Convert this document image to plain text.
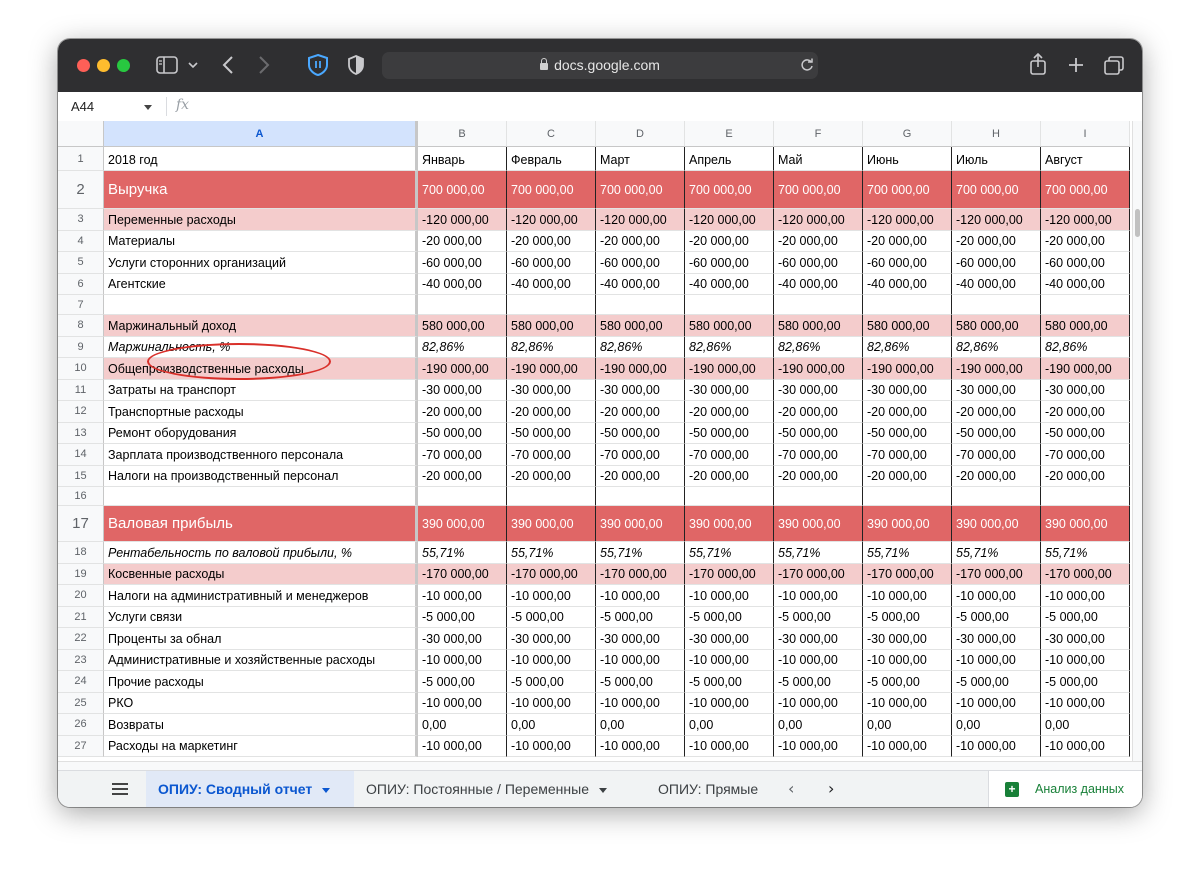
docs.google.com
A44	fx
A	B	C	D	E	F	G	H	I
1	2018 год	Январь	Февраль	Март	Апрель	Май	Июнь	Июль	Август
2	Выручка	700 000,00	700 000,00	700 000,00	700 000,00	700 000,00	700 000,00	700 000,00	700 000,00
3	Переменные расходы	-120 000,00	-120 000,00	-120 000,00	-120 000,00	-120 000,00	-120 000,00	-120 000,00	-120 000,00
4	Материалы	-20 000,00	-20 000,00	-20 000,00	-20 000,00	-20 000,00	-20 000,00	-20 000,00	-20 000,00
5	Услуги сторонних организаций	-60 000,00	-60 000,00	-60 000,00	-60 000,00	-60 000,00	-60 000,00	-60 000,00	-60 000,00
6	Агентские	-40 000,00	-40 000,00	-40 000,00	-40 000,00	-40 000,00	-40 000,00	-40 000,00	-40 000,00
7
8	Маржинальный доход	580 000,00	580 000,00	580 000,00	580 000,00	580 000,00	580 000,00	580 000,00	580 000,00
9	Маржинальность, %	82,86%	82,86%	82,86%	82,86%	82,86%	82,86%	82,86%	82,86%
10	Общепроизводственные расходы	-190 000,00	-190 000,00	-190 000,00	-190 000,00	-190 000,00	-190 000,00	-190 000,00	-190 000,00
11	Затраты на транспорт	-30 000,00	-30 000,00	-30 000,00	-30 000,00	-30 000,00	-30 000,00	-30 000,00	-30 000,00
12	Транспортные расходы	-20 000,00	-20 000,00	-20 000,00	-20 000,00	-20 000,00	-20 000,00	-20 000,00	-20 000,00
13	Ремонт оборудования	-50 000,00	-50 000,00	-50 000,00	-50 000,00	-50 000,00	-50 000,00	-50 000,00	-50 000,00
14	Зарплата производственного персонала	-70 000,00	-70 000,00	-70 000,00	-70 000,00	-70 000,00	-70 000,00	-70 000,00	-70 000,00
15	Налоги на производственный персонал	-20 000,00	-20 000,00	-20 000,00	-20 000,00	-20 000,00	-20 000,00	-20 000,00	-20 000,00
16
17	Валовая прибыль	390 000,00	390 000,00	390 000,00	390 000,00	390 000,00	390 000,00	390 000,00	390 000,00
18	Рентабельность по валовой прибыли, %	55,71%	55,71%	55,71%	55,71%	55,71%	55,71%	55,71%	55,71%
19	Косвенные расходы	-170 000,00	-170 000,00	-170 000,00	-170 000,00	-170 000,00	-170 000,00	-170 000,00	-170 000,00
20	Налоги на административный и менеджеров	-10 000,00	-10 000,00	-10 000,00	-10 000,00	-10 000,00	-10 000,00	-10 000,00	-10 000,00
21	Услуги связи	-5 000,00	-5 000,00	-5 000,00	-5 000,00	-5 000,00	-5 000,00	-5 000,00	-5 000,00
22	Проценты за обнал	-30 000,00	-30 000,00	-30 000,00	-30 000,00	-30 000,00	-30 000,00	-30 000,00	-30 000,00
23	Административные и хозяйственные расходы	-10 000,00	-10 000,00	-10 000,00	-10 000,00	-10 000,00	-10 000,00	-10 000,00	-10 000,00
24	Прочие расходы	-5 000,00	-5 000,00	-5 000,00	-5 000,00	-5 000,00	-5 000,00	-5 000,00	-5 000,00
25	РКО	-10 000,00	-10 000,00	-10 000,00	-10 000,00	-10 000,00	-10 000,00	-10 000,00	-10 000,00
26	Возвраты	0,00	0,00	0,00	0,00	0,00	0,00	0,00	0,00
27	Расходы на маркетинг	-10 000,00	-10 000,00	-10 000,00	-10 000,00	-10 000,00	-10 000,00	-10 000,00	-10 000,00
ОПИУ: Сводный отчет	ОПИУ: Постоянные / Переменные	ОПИУ: Прямые	‹ ›	+ Анализ данных
